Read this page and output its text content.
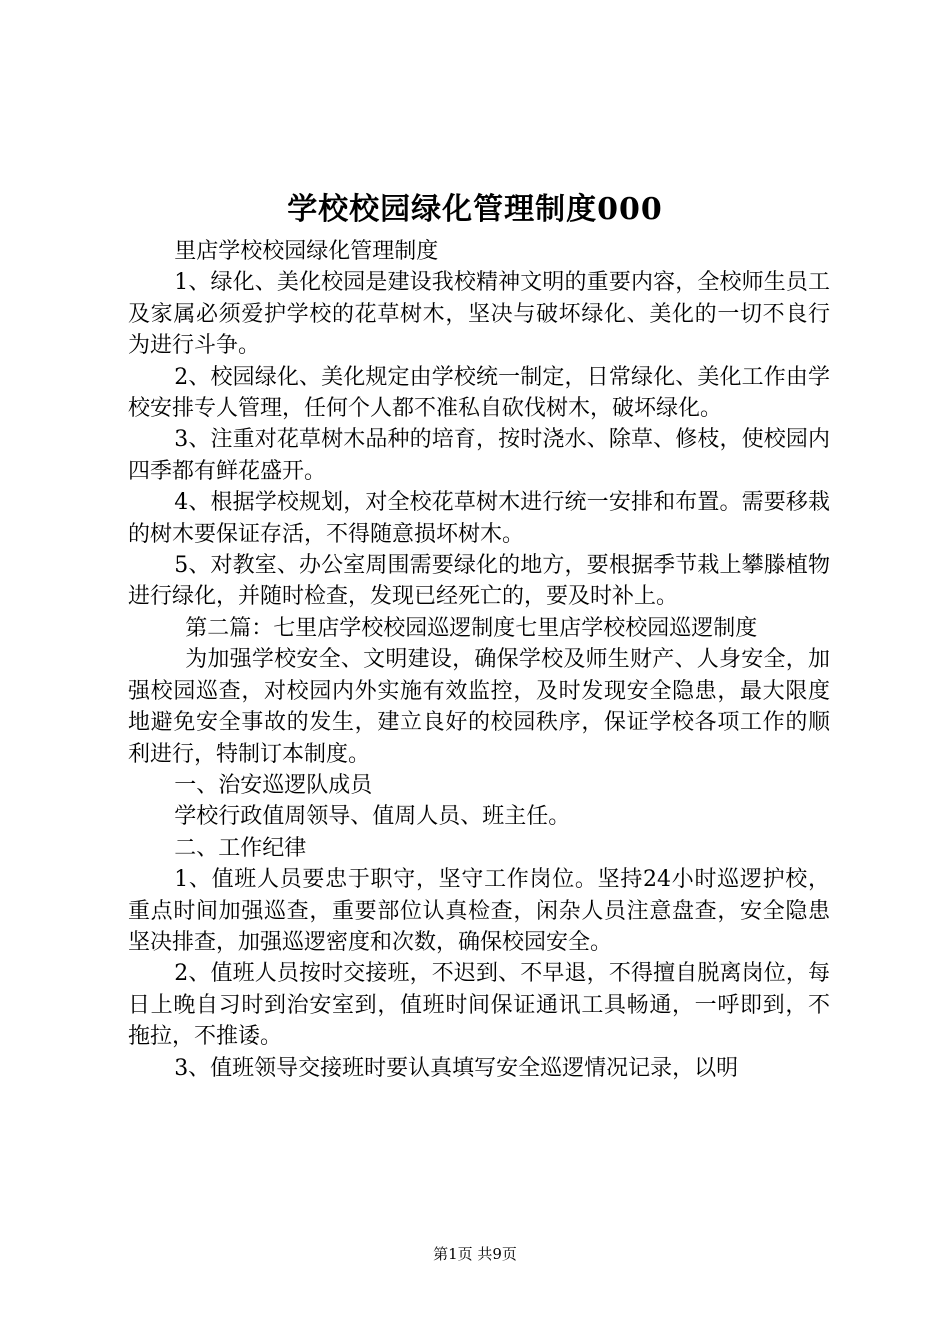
学校校园绿化管理制度000

里店学校校园绿化管理制度

1、绿化、美化校园是建设我校精神文明的重要内容，全校师生员工及家属必须爱护学校的花草树木，坚决与破坏绿化、美化的一切不良行为进行斗争。

2、校园绿化、美化规定由学校统一制定，日常绿化、美化工作由学校安排专人管理，任何个人都不准私自砍伐树木，破坏绿化。

3、注重对花草树木品种的培育，按时浇水、除草、修枝，使校园内四季都有鲜花盛开。

4、根据学校规划，对全校花草树木进行统一安排和布置。需要移栽的树木要保证存活，不得随意损坏树木。

5、对教室、办公室周围需要绿化的地方，要根据季节栽上攀滕植物进行绿化，并随时检查，发现已经死亡的，要及时补上。

第二篇：七里店学校校园巡逻制度七里店学校校园巡逻制度

为加强学校安全、文明建设，确保学校及师生财产、人身安全，加强校园巡查，对校园内外实施有效监控，及时发现安全隐患，最大限度地避免安全事故的发生，建立良好的校园秩序，保证学校各项工作的顺利进行，特制订本制度。

一、治安巡逻队成员

学校行政值周领导、值周人员、班主任。

二、工作纪律

1、值班人员要忠于职守，坚守工作岗位。坚持24小时巡逻护校，重点时间加强巡查，重要部位认真检查，闲杂人员注意盘查，安全隐患坚决排查，加强巡逻密度和次数，确保校园安全。

2、值班人员按时交接班，不迟到、不早退，不得擅自脱离岗位，每日上晚自习时到治安室到，值班时间保证通讯工具畅通，一呼即到，不拖拉，不推诿。

3、值班领导交接班时要认真填写安全巡逻情况记录，以明

第1页 共9页
